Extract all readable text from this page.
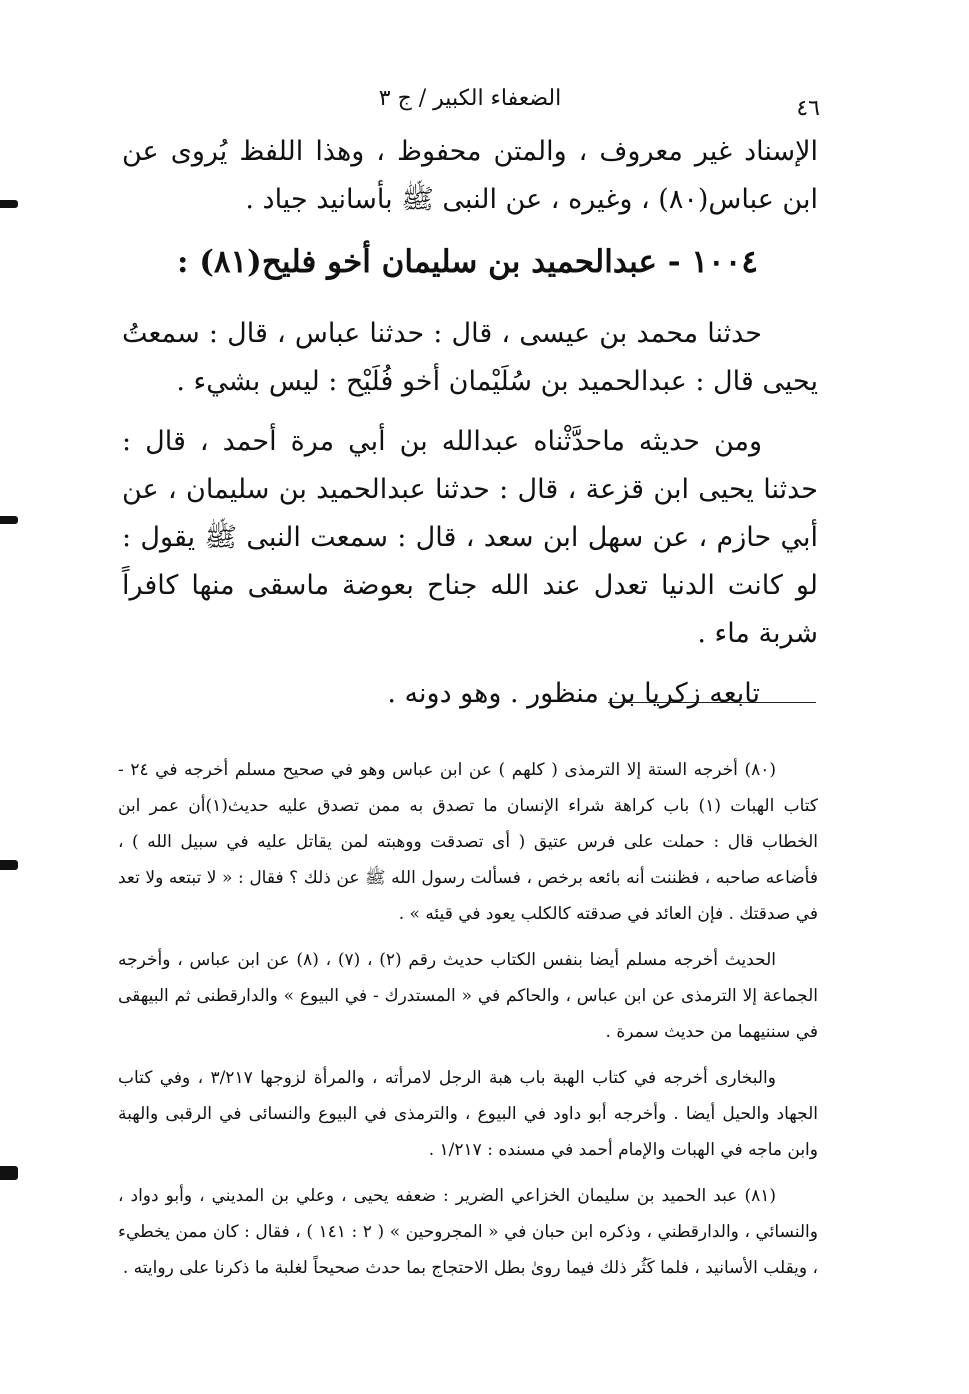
الضعفاء الكبير / ج ٣	٤٦

الإسناد غير معروف ، والمتن محفوظ ، وهذا اللفظ يُروى عن ابن عباس(٨٠) ، وغيره ، عن النبى ﷺ بأسانيد جياد .

١٠٠٤ - عبدالحميد بن سليمان أخو فليح(٨١) :

حدثنا محمد بن عيسى ، قال : حدثنا عباس ، قال : سمعتُ يحيى قال : عبدالحميد بن سُلَيْمان أخو فُلَيْح : ليس بشيء .

ومن حديثه ماحدَّثْناه عبدالله بن أبي مرة أحمد ، قال : حدثنا يحيى ابن قزعة ، قال : حدثنا عبدالحميد بن سليمان ، عن أبي حازم ، عن سهل ابن سعد ، قال : سمعت النبى ﷺ يقول : لو كانت الدنيا تعدل عند الله جناح بعوضة ماسقى منها كافراً شربة ماء .

تابعه زكريا بن منظور . وهو دونه .

(٨٠) أخرجه الستة إلا الترمذى ( كلهم ) عن ابن عباس وهو في صحيح مسلم أخرجه في ٢٤ - كتاب الهبات (١) باب كراهة شراء الإنسان ما تصدق به ممن تصدق عليه حديث(١)أن عمر ابن الخطاب قال : حملت على فرس عتيق ( أى تصدقت ووهبته لمن يقاتل عليه في سبيل الله ) ، فأضاعه صاحبه ، فظننت أنه بائعه برخص ، فسألت رسول الله ﷺ عن ذلك ؟ فقال : « لا تبتعه ولا تعد في صدقتك . فإن العائد في صدقته كالكلب يعود في قيئه » .

الحديث أخرجه مسلم أيضا بنفس الكتاب حديث رقم (٢) ، (٧) ، (٨) عن ابن عباس ، وأخرجه الجماعة إلا الترمذى عن ابن عباس ، والحاكم في « المستدرك - في البيوع » والدارقطنى ثم البيهقى في سننيهما من حديث سمرة .

والبخارى أخرجه في كتاب الهبة باب هبة الرجل لامرأته ، والمرأة لزوجها ٣/٢١٧ ، وفي كتاب الجهاد والحيل أيضا . وأخرجه أبو داود في البيوع ، والترمذى في البيوع والنسائى في الرقبى والهبة وابن ماجه في الهبات والإمام أحمد في مسنده : ١/٢١٧ .

(٨١) عبد الحميد بن سليمان الخزاعي الضرير : ضعفه يحيى ، وعلي بن المديني ، وأبو دواد ، والنسائي ، والدارقطني ، وذكره ابن حبان في « المجروحين » ( ٢ : ١٤١ ) ، فقال : كان ممن يخطيء ، ويقلب الأسانيد ، فلما كَثُر ذلك فيما روىٰ بطل الاحتجاج بما حدث صحيحاً لغلبة ما ذكرنا على روايته .
